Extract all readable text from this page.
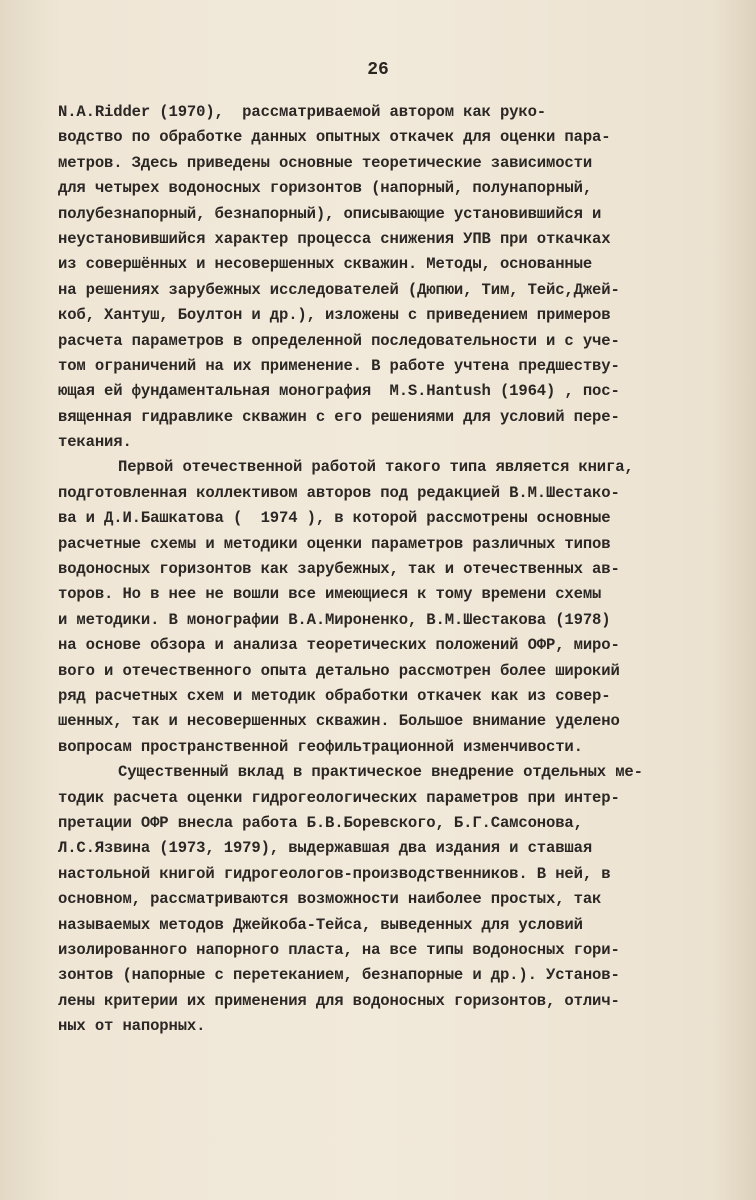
26
N.A.Ridder (1970),  рассматриваемой автором как руко-
водство по обработке данных опытных откачек для оценки пара-
метров. Здесь приведены основные теоретические зависимости
для четырех водоносных горизонтов (напорный, полунапорный,
полубезнапорный, безнапорный), описывающие установившийся и
неустановившийся характер процесса снижения УПВ при откачках
из совершённых и несовершенных скважин. Методы, основанные
на решениях зарубежных исследователей (Дюпюи, Тим, Тейс,Джей-
коб, Хантуш, Боултон и др.), изложены с приведением примеров
расчета параметров в определенной последовательности и с уче-
том ограничений на их применение. В работе учтена предшеству-
ющая ей фундаментальная монография  M.S.Hantush (1964) , пос-
вященная гидравлике скважин с его решениями для условий пере-
текания.
Первой отечественной работой такого типа является книга,
подготовленная коллективом авторов под редакцией В.М.Шестако-
ва и Д.И.Башкатова (  1974 ), в которой рассмотрены основные
расчетные схемы и методики оценки параметров различных типов
водоносных горизонтов как зарубежных, так и отечественных ав-
торов. Но в нее не вошли все имеющиеся к тому времени схемы
и методики. В монографии В.А.Мироненко, В.М.Шестакова (1978)
на основе обзора и анализа теоретических положений ОФР, миро-
вого и отечественного опыта детально рассмотрен более широкий
ряд расчетных схем и методик обработки откачек как из совер-
шенных, так и несовершенных скважин. Большое внимание уделено
вопросам пространственной геофильтрационной изменчивости.
Существенный вклад в практическое внедрение отдельных ме-
тодик расчета оценки гидрогеологических параметров при интер-
претации ОФР внесла работа Б.В.Боревского, Б.Г.Самсонова,
Л.С.Язвина (1973, 1979), выдержавшая два издания и ставшая
настольной книгой гидрогеологов-производственников. В ней, в
основном, рассматриваются возможности наиболее простых, так
называемых методов Джейкоба-Тейса, выведенных для условий
изолированного напорного пласта, на все типы водоносных гори-
зонтов (напорные с перетеканием, безнапорные и др.). Установ-
лены критерии их применения для водоносных горизонтов, отлич-
ных от напорных.
